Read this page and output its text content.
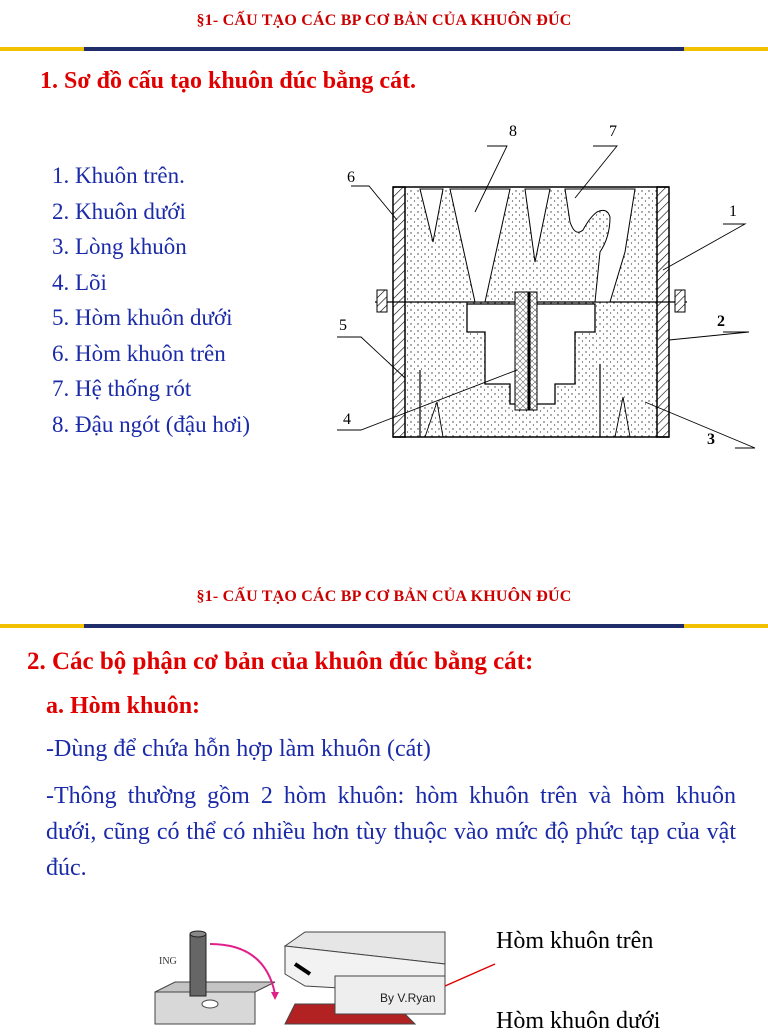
§1- CẤU TẠO CÁC BP CƠ BẢN CỦA KHUÔN ĐÚC
1. Sơ đồ cấu tạo khuôn đúc bằng cát.
1. Khuôn trên.
2. Khuôn dưới
3. Lòng khuôn
4. Lõi
5. Hòm khuôn dưới
6. Hòm khuôn trên
7. Hệ thống rót
8. Đậu ngót (đậu hơi)
8	7
6
1
2
5
4
3
§1- CẤU TẠO CÁC BP CƠ BẢN CỦA KHUÔN ĐÚC
2. Các bộ phận cơ bản của khuôn đúc bằng cát:
a. Hòm khuôn:
-Dùng để chứa hỗn hợp làm khuôn (cát)
-Thông thường gồm 2 hòm khuôn: hòm khuôn trên và hòm khuôn dưới, cũng có thể có nhiều hơn tùy thuộc vào mức độ phức tạp của vật đúc.
ING
By V.Ryan
Hòm khuôn trên
Hòm khuôn dưới
